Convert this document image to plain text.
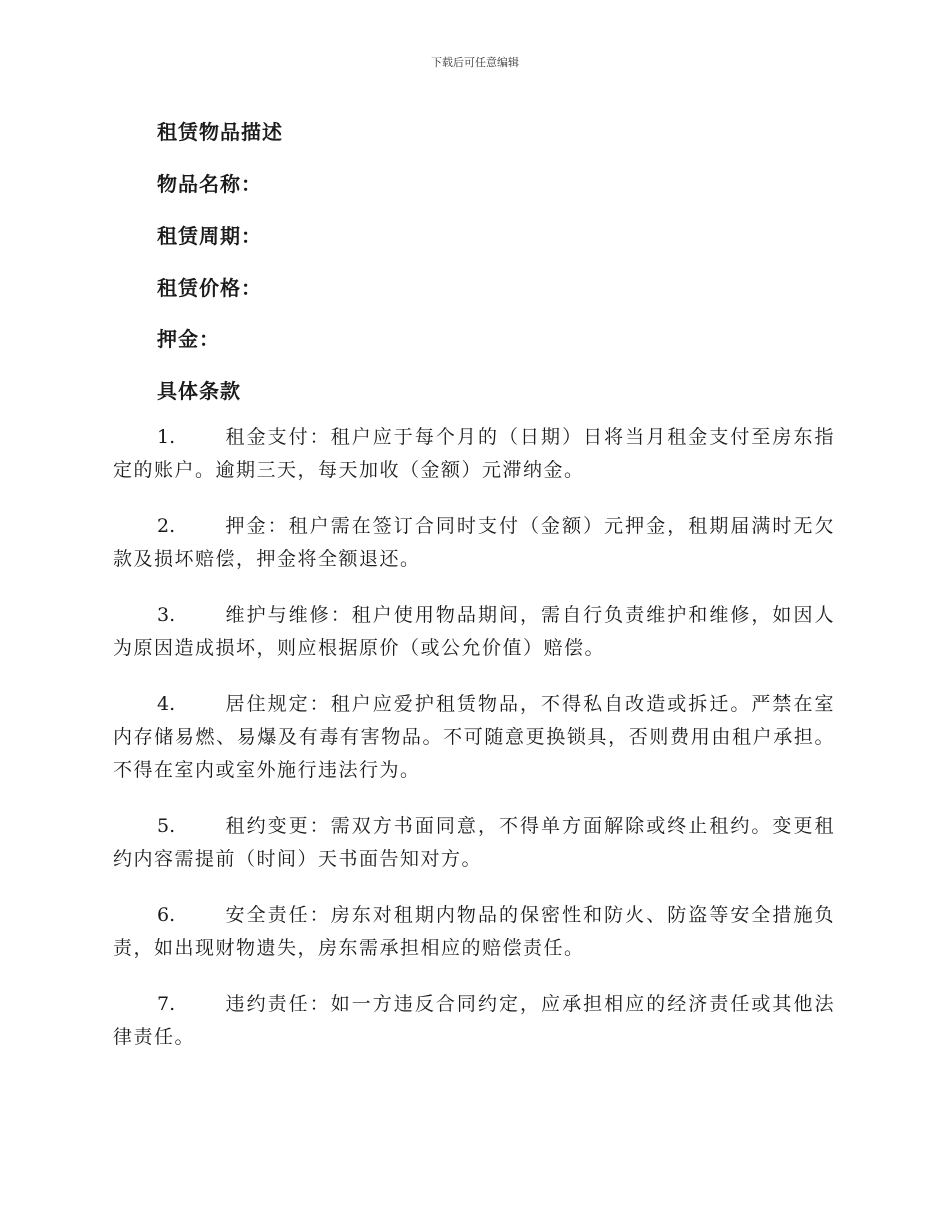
下载后可任意编辑
租赁物品描述
物品名称：
租赁周期：
租赁价格：
押金：
具体条款

1.	租金支付：租户应于每个月的（日期）日将当月租金支付至房东指定的账户。逾期三天，每天加收（金额）元滞纳金。

2.	押金：租户需在签订合同时支付（金额）元押金，租期届满时无欠款及损坏赔偿，押金将全额退还。

3.	维护与维修：租户使用物品期间，需自行负责维护和维修，如因人为原因造成损坏，则应根据原价（或公允价值）赔偿。

4.	居住规定：租户应爱护租赁物品，不得私自改造或拆迁。严禁在室内存储易燃、易爆及有毒有害物品。不可随意更换锁具，否则费用由租户承担。不得在室内或室外施行违法行为。

5.	租约变更：需双方书面同意，不得单方面解除或终止租约。变更租约内容需提前（时间）天书面告知对方。

6.	安全责任：房东对租期内物品的保密性和防火、防盗等安全措施负责，如出现财物遗失，房东需承担相应的赔偿责任。

7.	违约责任：如一方违反合同约定，应承担相应的经济责任或其他法律责任。
